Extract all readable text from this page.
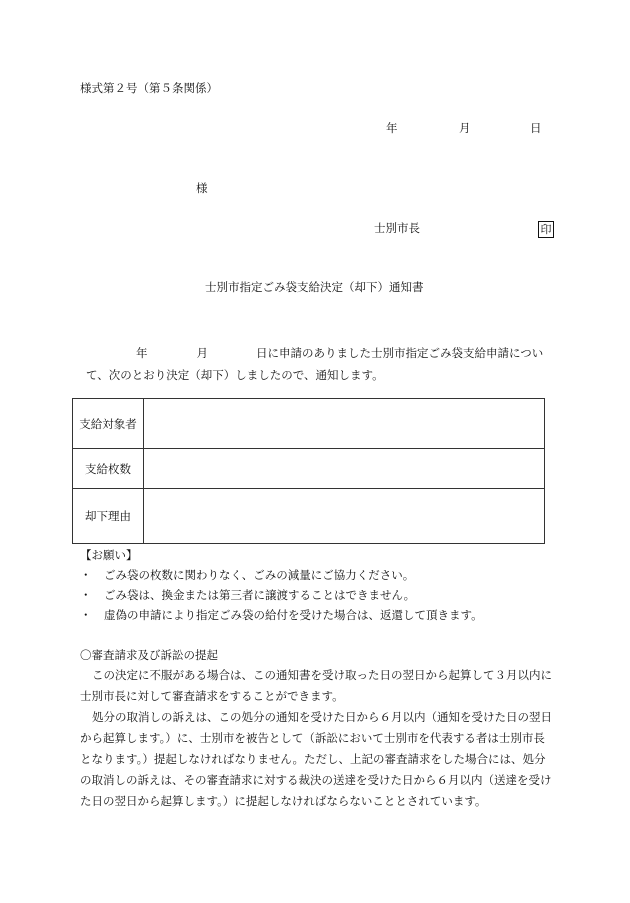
様式第２号（第５条関係）
年	月	日
様
士別市長	印
士別市指定ごみ袋支給決定（却下）通知書
年	月	日に申請のありました士別市指定ごみ袋支給申請につい
て、次のとおり決定（却下）しましたので、通知します。
支給対象者	
支給枚数	
却下理由	
【お願い】
・ ごみ袋の枚数に関わりなく、ごみの減量にご協力ください。
・ ごみ袋は、換金または第三者に譲渡することはできません。
・ 虚偽の申請により指定ごみ袋の給付を受けた場合は、返還して頂きます。
〇審査請求及び訴訟の提起

この決定に不服がある場合は、この通知書を受け取った日の翌日から起算して３月以内に士別市長に対して審査請求をすることができます。

処分の取消しの訴えは、この処分の通知を受けた日から６月以内（通知を受けた日の翌日から起算します。）に、士別市を被告として（訴訟において士別市を代表する者は士別市長となります。）提起しなければなりません。ただし、上記の審査請求をした場合には、処分の取消しの訴えは、その審査請求に対する裁決の送達を受けた日から６月以内（送達を受けた日の翌日から起算します。）に提起しなければならないこととされています。
